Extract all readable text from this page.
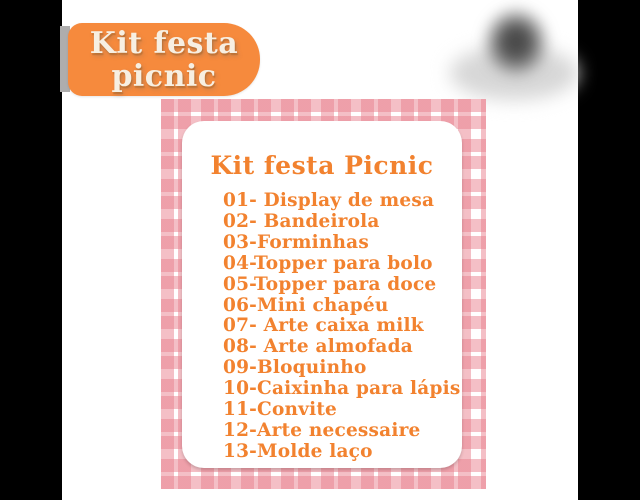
Kit festa
picnic
Kit festa Picnic
01- Display de mesa
02- Bandeirola
03-Forminhas
04-Topper para bolo
05-Topper para doce
06-Mini chapéu
07- Arte caixa milk
08- Arte almofada
09-Bloquinho
10-Caixinha para lápis
11-Convite
12-Arte necessaire
13-Molde laço
